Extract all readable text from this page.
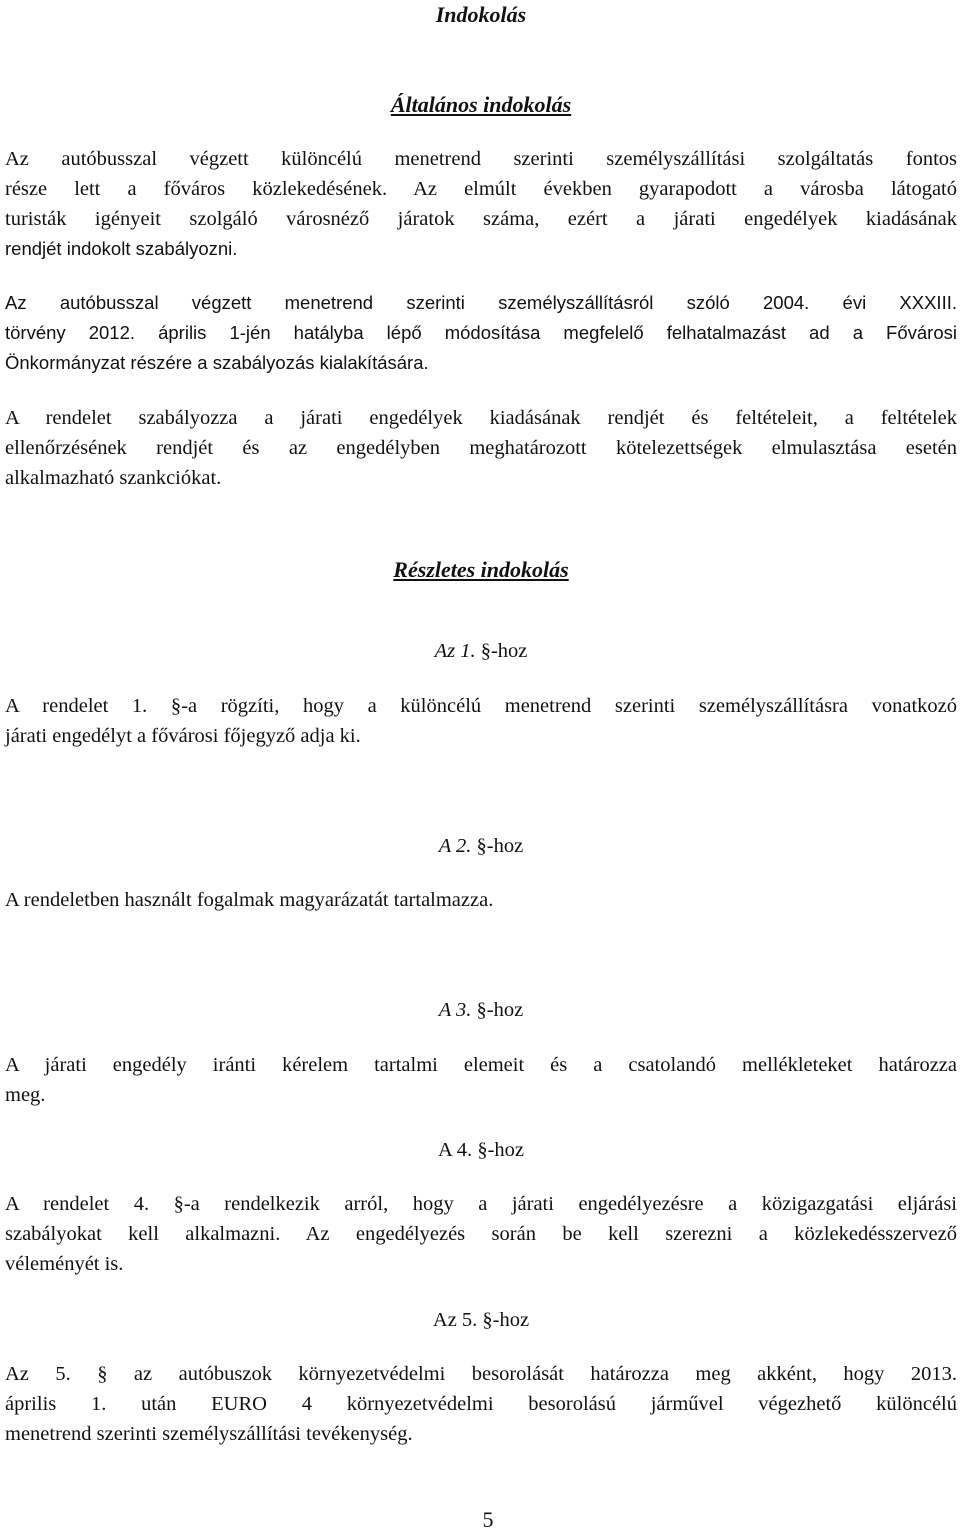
Indokolás
Általános indokolás
Az autóbusszal végzett különcélú menetrend szerinti személyszállítási szolgáltatás fontos
része lett a főváros közlekedésének. Az elmúlt években gyarapodott a városba látogató
turisták igényeit szolgáló városnéző járatok száma, ezért a járati engedélyek kiadásának
rendjét indokolt szabályozni.
Az autóbusszal végzett menetrend szerinti személyszállításról szóló 2004. évi XXXIII.
törvény 2012. április 1-jén hatályba lépő módosítása megfelelő felhatalmazást ad a Fővárosi
Önkormányzat részére a szabályozás kialakítására.
A rendelet szabályozza a járati engedélyek kiadásának rendjét és feltételeit, a feltételek
ellenőrzésének rendjét és az engedélyben meghatározott kötelezettségek elmulasztása esetén
alkalmazható szankciókat.
Részletes indokolás
Az 1. §-hoz
A rendelet 1. §-a rögzíti, hogy a különcélú menetrend szerinti személyszállításra vonatkozó
járati engedélyt a fővárosi főjegyző adja ki.
A 2. §-hoz
A rendeletben használt fogalmak magyarázatát tartalmazza.
A 3. §-hoz
A járati engedély iránti kérelem tartalmi elemeit és a csatolandó mellékleteket határozza
meg.
A 4. §-hoz
A rendelet 4. §-a rendelkezik arról, hogy a járati engedélyezésre a közigazgatási eljárási
szabályokat kell alkalmazni. Az engedélyezés során be kell szerezni a közlekedésszervező
véleményét is.
Az 5. §-hoz
Az 5. § az autóbuszok környezetvédelmi besorolását határozza meg akként, hogy 2013.
április 1. után EURO 4 környezetvédelmi besorolású járművel végezhető különcélú
menetrend szerinti személyszállítási tevékenység.
5
